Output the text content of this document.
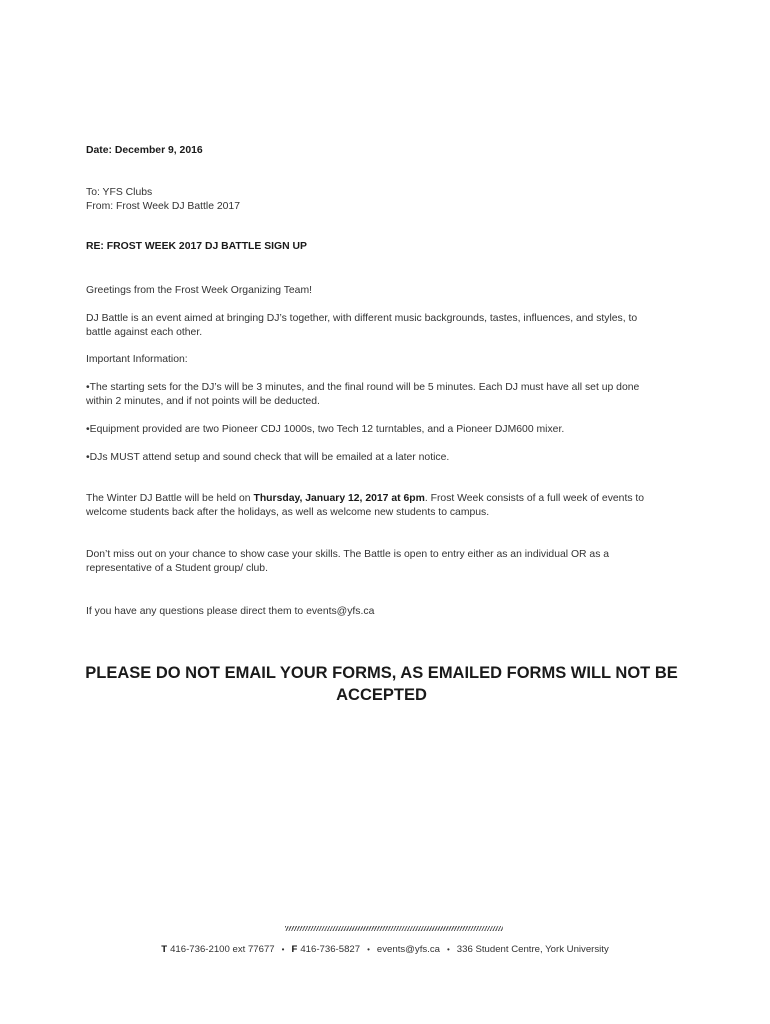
Date: December 9, 2016
To: YFS Clubs
From: Frost Week DJ Battle 2017
RE: FROST WEEK 2017 DJ BATTLE SIGN UP
Greetings from the Frost Week Organizing Team!
DJ Battle is an event aimed at bringing DJ’s together, with different music backgrounds, tastes, influences, and styles, to battle against each other.
Important Information:
•The starting sets for the DJ’s will be 3 minutes, and the final round will be 5 minutes. Each DJ must have all set up done within 2 minutes, and if not points will be deducted.
•Equipment provided are two Pioneer CDJ 1000s, two Tech 12 turntables, and a Pioneer DJM600 mixer.
•DJs MUST attend setup and sound check that will be emailed at a later notice.
The Winter DJ Battle will be held on Thursday, January 12, 2017 at 6pm. Frost Week consists of a full week of events to welcome students back after the holidays, as well as welcome new students to campus.
Don’t miss out on your chance to show case your skills. The Battle is open to entry either as an individual OR as a representative of a Student group/ club.
If you have any questions please direct them to events@yfs.ca
PLEASE DO NOT EMAIL YOUR FORMS, AS EMAILED FORMS WILL NOT BE ACCEPTED
T 416-736-2100 ext 77677 • F 416-736-5827 • events@yfs.ca • 336 Student Centre, York University
